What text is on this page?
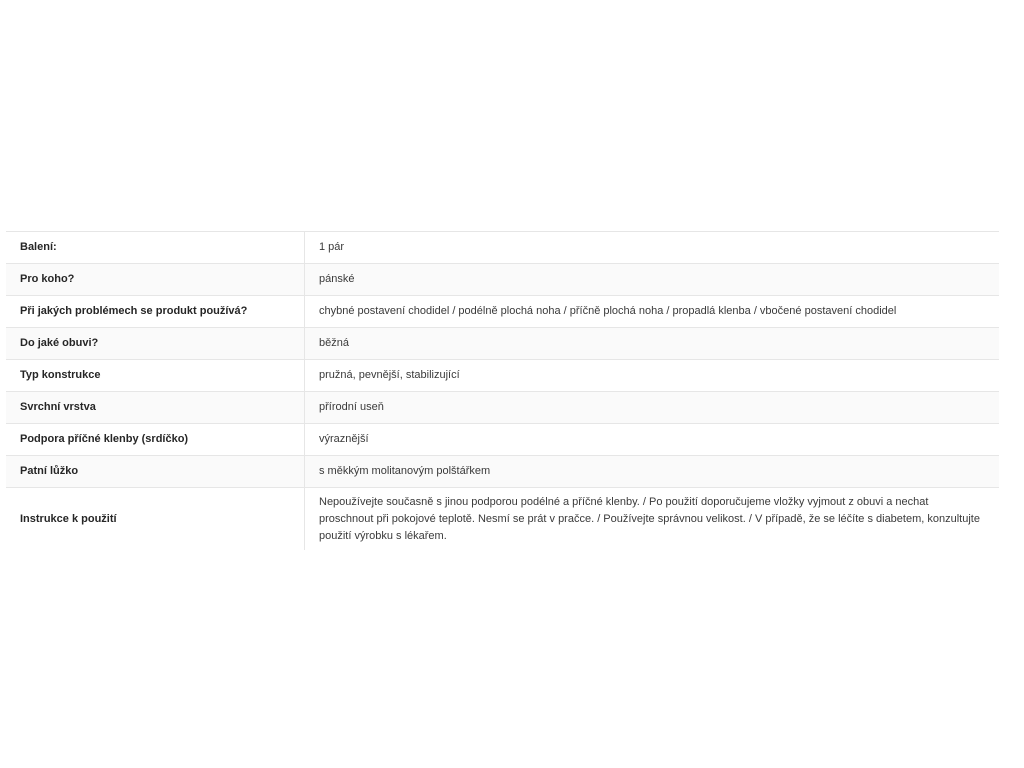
Balení:	1 pár
Pro koho?	pánské
Při jakých problémech se produkt používá?	chybné postavení chodidel / podélně plochá noha / příčně plochá noha / propadlá klenba / vbočené postavení chodidel
Do jaké obuvi?	běžná
Typ konstrukce	pružná, pevnější, stabilizující
Svrchní vrstva	přírodní useň
Podpora příčné klenby (srdíčko)	výraznější
Patní lůžko	s měkkým molitanovým polštářkem
Instrukce k použití	Nepoužívejte současně s jinou podporou podélné a příčné klenby. / Po použití doporučujeme vložky vyjmout z obuvi a nechat proschnout při pokojové teplotě. Nesmí se prát v pračce. / Používejte správnou velikost. / V případě, že se léčíte s diabetem, konzultujte použití výrobku s lékařem.
